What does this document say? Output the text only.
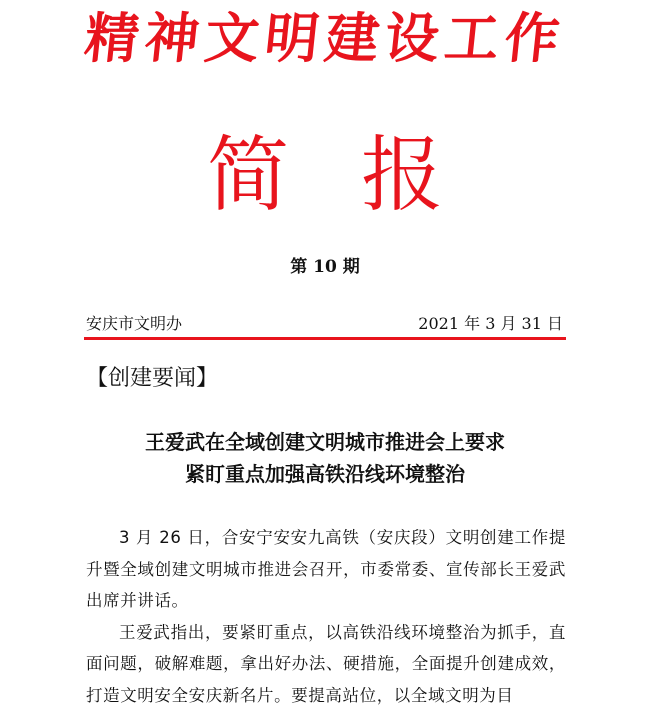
精神文明建设工作
简 报
第 10 期
安庆市文明办	2021 年 3 月 31 日
【创建要闻】
王爱武在全域创建文明城市推进会上要求
紧盯重点加强高铁沿线环境整治

3 月 26 日，合安宁安安九高铁（安庆段）文明创建工作提升暨全域创建文明城市推进会召开，市委常委、宣传部长王爱武出席并讲话。

王爱武指出，要紧盯重点，以高铁沿线环境整治为抓手，直面问题，破解难题，拿出好办法、硬措施，全面提升创建成效，打造文明安全安庆新名片。要提高站位，以全域文明为目
